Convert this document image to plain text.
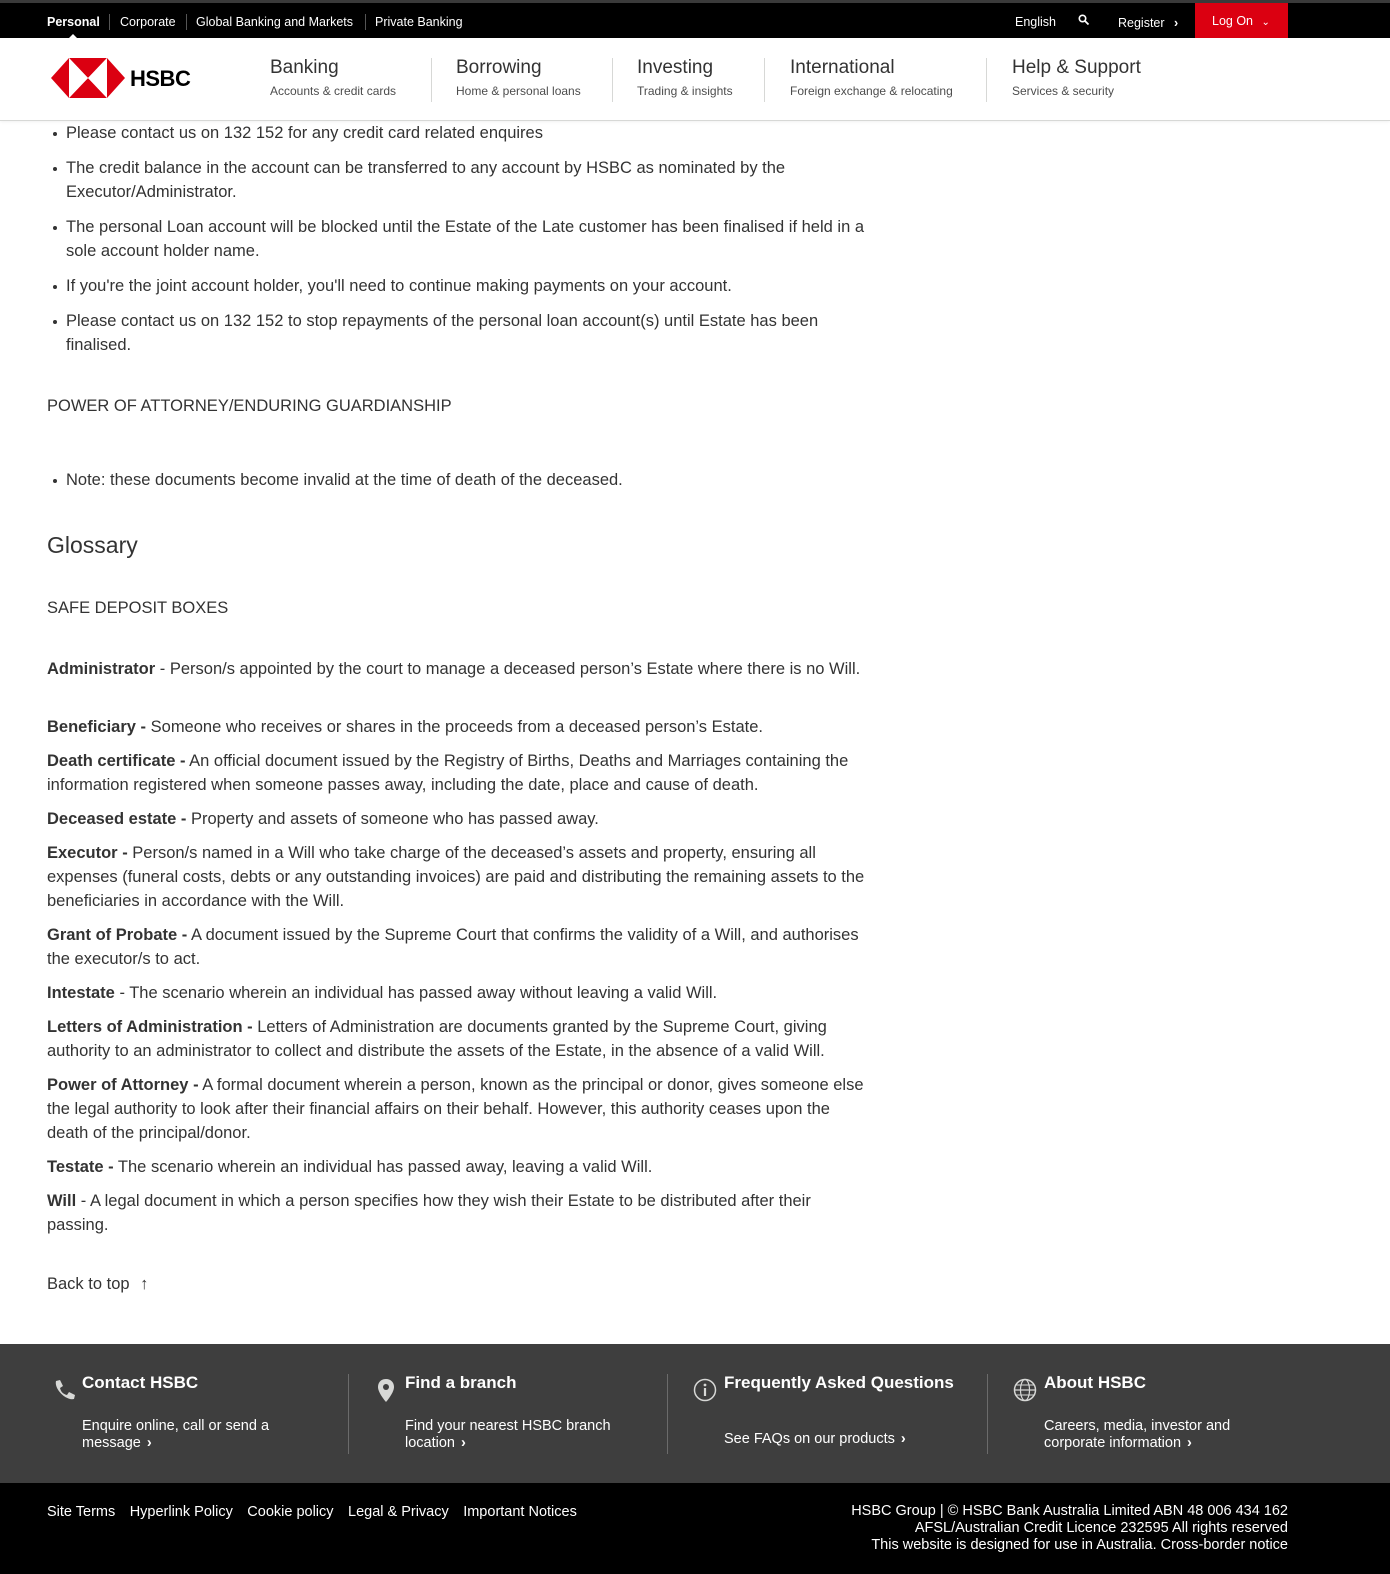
Personal Corporate Global Banking and Markets Private Banking	English	Register ›	Log On ⌄
HSBC	Banking
Accounts & credit cards
Borrowing
Home & personal loans
Investing
Trading & insights
International
Foreign exchange & relocating
Help & Support
Services & security
Please contact us on 132 152 for any credit card related enquires
The credit balance in the account can be transferred to any account by HSBC as nominated by the Executor/Administrator.
The personal Loan account will be blocked until the Estate of the Late customer has been finalised if held in a sole account holder name.
If you're the joint account holder, you'll need to continue making payments on your account.
Please contact us on 132 152 to stop repayments of the personal loan account(s) until Estate has been finalised.
POWER OF ATTORNEY/ENDURING GUARDIANSHIP
Note: these documents become invalid at the time of death of the deceased.
Glossary
SAFE DEPOSIT BOXES
Administrator - Person/s appointed by the court to manage a deceased person’s Estate where there is no Will.
Beneficiary - Someone who receives or shares in the proceeds from a deceased person’s Estate.
Death certificate - An official document issued by the Registry of Births, Deaths and Marriages containing the information registered when someone passes away, including the date, place and cause of death.
Deceased estate - Property and assets of someone who has passed away.
Executor - Person/s named in a Will who take charge of the deceased’s assets and property, ensuring all expenses (funeral costs, debts or any outstanding invoices) are paid and distributing the remaining assets to the beneficiaries in accordance with the Will.
Grant of Probate - A document issued by the Supreme Court that confirms the validity of a Will, and authorises the executor/s to act.
Intestate - The scenario wherein an individual has passed away without leaving a valid Will.
Letters of Administration - Letters of Administration are documents granted by the Supreme Court, giving authority to an administrator to collect and distribute the assets of the Estate, in the absence of a valid Will.
Power of Attorney - A formal document wherein a person, known as the principal or donor, gives someone else the legal authority to look after their financial affairs on their behalf. However, this authority ceases upon the death of the principal/donor.
Testate - The scenario wherein an individual has passed away, leaving a valid Will.
Will - A legal document in which a person specifies how they wish their Estate to be distributed after their passing.
Back to top ↑
Contact HSBC
Enquire online, call or send a message ›
Find a branch
Find your nearest HSBC branch location ›
Frequently Asked Questions
See FAQs on our products ›
About HSBC
Careers, media, investor and corporate information ›
Site Terms Hyperlink Policy Cookie policy Legal & Privacy Important Notices	HSBC Group | © HSBC Bank Australia Limited ABN 48 006 434 162
AFSL/Australian Credit Licence 232595 All rights reserved
This website is designed for use in Australia. Cross-border notice
